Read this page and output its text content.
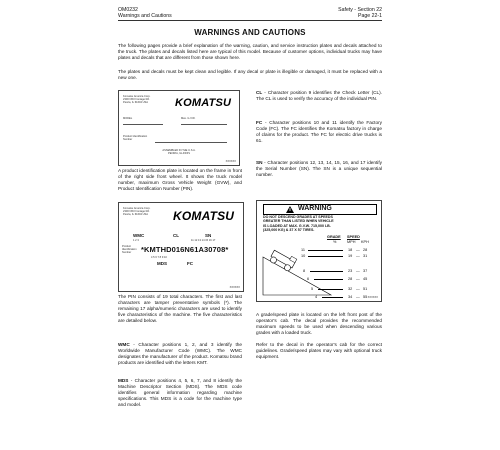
OM0232
Warnings and Cautions
Safety - Section 22
Page 22-1
WARNINGS AND CAUTIONS
The following pages provide a brief explanation of the warning, caution, and service instruction plates and decals attached to the truck. The plates and decals listed here are typical of this model. Because of customer options, individual trucks may have plates and decals that are different from those shown here.
The plates and decals must be kept clean and legible. If any decal or plate is illegible or damaged, it must be replaced with a new one.
Komatsu America Corp.
2300 NW Frontage Rd.
Peoria, IL 61604 USA KOMATSU
MODEL	Max. G.V.W.
Product Identification Number
ASSEMBLED IN THE U.S.A.
PEORIA, ILLINOIS
XXXXXX
A product identification plate is located on the frame in front of the right side front wheel. It shows the truck model number, maximum Gross Vehicle Weight (GVW), and Product Identification Number (PIN).
Komatsu America Corp.
2300 NW Frontage Rd.
Peoria, IL 61604 USA KOMATSU
WMC	CL	SN
1 2 3	11 12 13 14 15 16 17
Product Identification Number	*KMTHD016N61A30708*
4 5 6 7 8 9 10
MDS	FC
XXXXXX
The PIN consists of 19 total characters. The first and last characters are tamper preventative symbols (*). The remaining 17 alpha/numeric characters are used to identify five characteristics of the machine. The five characteristics are detailed below.
WMC - Character positions 1, 2, and 3 identify the Worldwide Manufacturer Code (WMC). The WMC designates the manufacturer of the product. Komatsu brand products are identified with the letters KMT.
MDS - Character positions 4, 5, 6, 7, and 8 identify the Machine Descriptor Section (MDS). The MDS code identifies general information regarding machine specifications. This MDS is a code for the machine type and model.
CL - Character position 9 identifies the Check Letter (CL). The CL is used to verify the accuracy of the individual PIN.
FC - Character positions 10 and 11 identify the Factory Code (FC). The FC identifies the Komatsu factory in charge of claims for the product. The FC for electric drive trucks is 61.
SN - Character positions 12, 13, 14, 15, 16, and 17 identify the Serial Number (SN). The SN is a unique sequential number.
WARNING
DO NOT DESCEND GRADES AT SPEEDS
GREATER THAN LISTED WHEN VEHICLE
IS LOADED AT MAX. G.V.W. 715,000 LB.
(325,000 KG) & 37 X 57 TIRES.
GRADE SPEED
%	MPH KPH
11	18 — 28
10	19 — 31
8	23 — 37
6	28 — 45
5	32 — 51
4	34 — 55 XXXXXX
A grade/speed plate is located on the left front post of the operator's cab. The decal provides the recommended maximum speeds to be used when descending various grades with a loaded truck.
Refer to the decal in the operator's cab for the correct guidelines. Grade/speed plates may vary with optional truck equipment.
